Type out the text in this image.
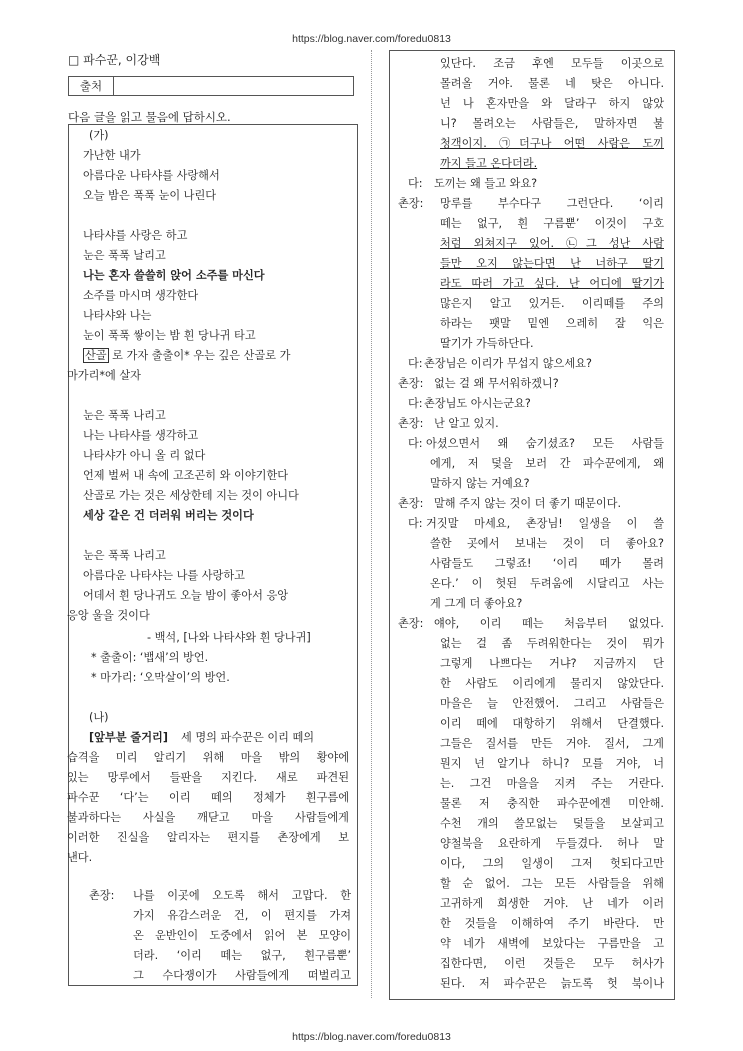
https://blog.naver.com/foredu0813
□ 파수꾼, 이강백
출처
다음 글을 읽고 물음에 답하시오.
(가)
가난한 내가
아름다운 나타샤를 사랑해서
오늘 밤은 푹푹 눈이 나린다
나타샤를 사랑은 하고
눈은 푹푹 날리고
나는 혼자 쓸쓸히 앉어 소주를 마신다
소주를 마시며 생각한다
나타샤와 나는
눈이 푹푹 쌓이는 밤 흰 당나귀 타고
산골 로 가자 출출이* 우는 깊은 산골로 가
마가리*에 살자
눈은 푹푹 나리고
나는 나타샤를 생각하고
나타샤가 아니 올 리 없다
언제 벌써 내 속에 고조곤히 와 이야기한다
산골로 가는 것은 세상한테 지는 것이 아니다
세상 같은 건 더러워 버리는 것이다
눈은 푹푹 나리고
아름다운 나타샤는 나를 사랑하고
어데서 흰 당나귀도 오늘 밤이 좋아서 응앙
응앙 울을 것이다
- 백석, [나와 나타샤와 흰 당나귀]
* 출출이: ‘뱁새’의 방언.
* 마가리: ‘오막살이’의 방언.
(나)
[앞부분 줄거리] 세 명의 파수꾼은 이리 떼의
습격을 미리 알리기 위해 마을 밖의 황야에
있는 망루에서 들판을 지킨다. 새로 파견된
파수꾼 ‘다’는 이리 떼의 정체가 흰구름에
불과하다는 사실을 깨닫고 마을 사람들에게
이러한 진실을 알리자는 편지를 촌장에게 보
낸다.
촌장: 나를 이곳에 오도록 해서 고맙다. 한
가지 유감스러운 건, 이 편지를 가져
온 운반인이 도중에서 읽어 본 모양이
더라. ‘이리 떼는 없구, 흰구름뿐’
그 수다쟁이가 사람들에게 떠벌리고
있단다. 조금 후엔 모두들 이곳으로
몰려올 거야. 물론 네 탓은 아니다.
넌 나 혼자만을 와 달라구 하지 않았
니? 몰려오는 사람들은, 말하자면 불
청객이지. ㉠더구나 어떤 사람은 도끼
까지 들고 온다더라.
다: 도끼는 왜 들고 와요?
촌장: 망루를 부수다구 그런단다. ‘이리
떼는 없구, 흰 구름뿐’ 이것이 구호
처럼 외쳐지구 있어. ㉡그 성난 사람
들만 오지 않는다면 난 너하구 딸기
라도 따러 가고 싶다. 난 어디에 딸기가
많은지 알고 있거든. 이리떼를 주의
하라는 팻말 밑엔 으레히 잘 익은
딸기가 가득하단다.
다: 촌장님은 이리가 무섭지 않으세요?
촌장: 없는 걸 왜 무서워하겠니?
다: 촌장님도 아시는군요?
촌장: 난 알고 있지.
다: 아셨으면서 왜 숨기셨죠? 모든 사람들
에게, 저 덫을 보러 간 파수꾼에게, 왜
말하지 않는 거예요?
촌장: 말해 주지 않는 것이 더 좋기 때문이다.
다: 거짓말 마세요, 촌장님! 일생을 이 쓸
쓸한 곳에서 보내는 것이 더 좋아요?
사람들도 그렇죠! ‘이리 떼가 몰려
온다.’ 이 헛된 두려움에 시달리고 사는
게 그게 더 좋아요?
촌장: 얘야, 이리 떼는 처음부터 없었다.
없는 걸 좀 두려워한다는 것이 뭐가
그렇게 나쁘다는 거냐? 지금까지 단
한 사람도 이리에게 물리지 않았단다.
마을은 늘 안전했어. 그리고 사람들은
이리 떼에 대항하기 위해서 단결했다.
그들은 질서를 만든 거야. 질서, 그게
뭔지 넌 알기나 하니? 모를 거야, 너
는. 그건 마을을 지켜 주는 거란다.
물론 저 충직한 파수꾼에겐 미안해.
수천 개의 쓸모없는 덫들을 보살피고
양철북을 요란하게 두들겼다. 허나 말
이다, 그의 일생이 그저 헛되다고만
할 순 없어. 그는 모든 사람들을 위해
고귀하게 희생한 거야. 난 네가 이러
한 것들을 이해하여 주기 바란다. 만
약 네가 새벽에 보았다는 구름만을 고
집한다면, 이런 것들은 모두 허사가
된다. 저 파수꾼은 늙도록 헛 북이나
https://blog.naver.com/foredu0813
